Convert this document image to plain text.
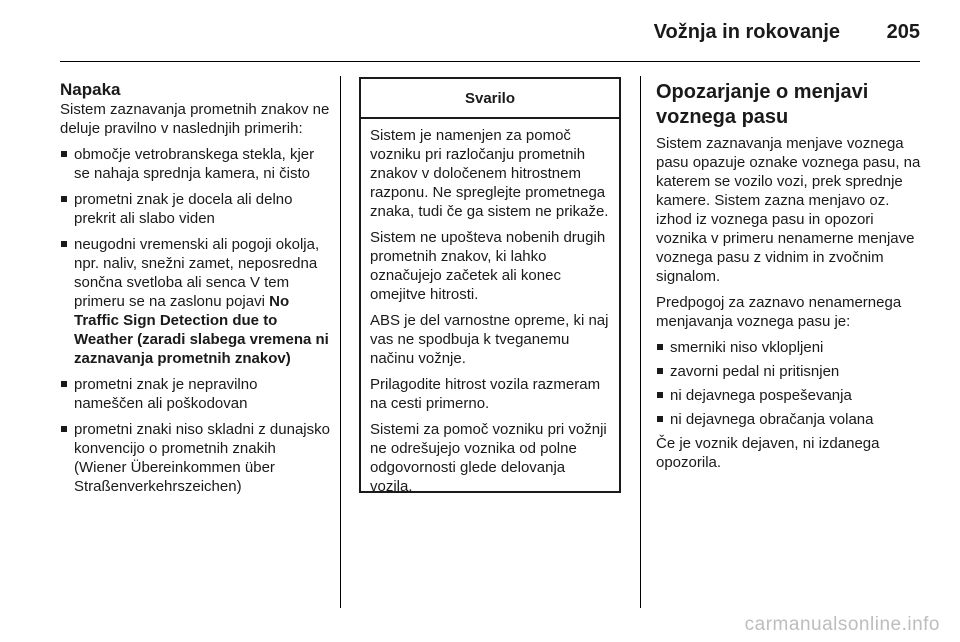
Vožnja in rokovanje 205
Napaka
Sistem zaznavanja prometnih znakov ne deluje pravilno v naslednjih primerih:
območje vetrobranskega stekla, kjer se nahaja sprednja kamera, ni čisto
prometni znak je docela ali delno prekrit ali slabo viden
neugodni vremenski ali pogoji okolja, npr. naliv, snežni zamet, neposredna sončna svetloba ali senca V tem primeru se na zaslonu pojavi No Traffic Sign Detection due to Weather (zaradi slabega vremena ni zaznavanja prometnih znakov)
prometni znak je nepravilno nameščen ali poškodovan
prometni znaki niso skladni z dunajsko konvencijo o prometnih znakih (Wiener Übereinkommen über Straßenverkehrszeichen)
Svarilo

Sistem je namenjen za pomoč vozniku pri razločanju prometnih znakov v določenem hitrostnem razponu. Ne spreglejte prometnega znaka, tudi če ga sistem ne prikaže.

Sistem ne upošteva nobenih drugih prometnih znakov, ki lahko označujejo začetek ali konec omejitve hitrosti.

ABS je del varnostne opreme, ki naj vas ne spodbuja k tveganemu načinu vožnje.

Prilagodite hitrost vozila razmeram na cesti primerno.

Sistemi za pomoč vozniku pri vožnji ne odrešujejo voznika od polne odgovornosti glede delovanja vozila.

Opozarjanje o menjavi voznega pasu

Sistem zaznavanja menjave voznega pasu opazuje oznake voznega pasu, na katerem se vozilo vozi, prek sprednje kamere. Sistem zazna menjavo oz. izhod iz voznega pasu in opozori voznika v primeru nenamerne menjave voznega pasu z vidnim in zvočnim signalom.

Predpogoj za zaznavo nenamernega menjavanja voznega pasu je:

smerniki niso vklopljeni
zavorni pedal ni pritisnjen
ni dejavnega pospeševanja
ni dejavnega obračanja volana

Če je voznik dejaven, ni izdanega opozorila.

carmanualsonline.info
